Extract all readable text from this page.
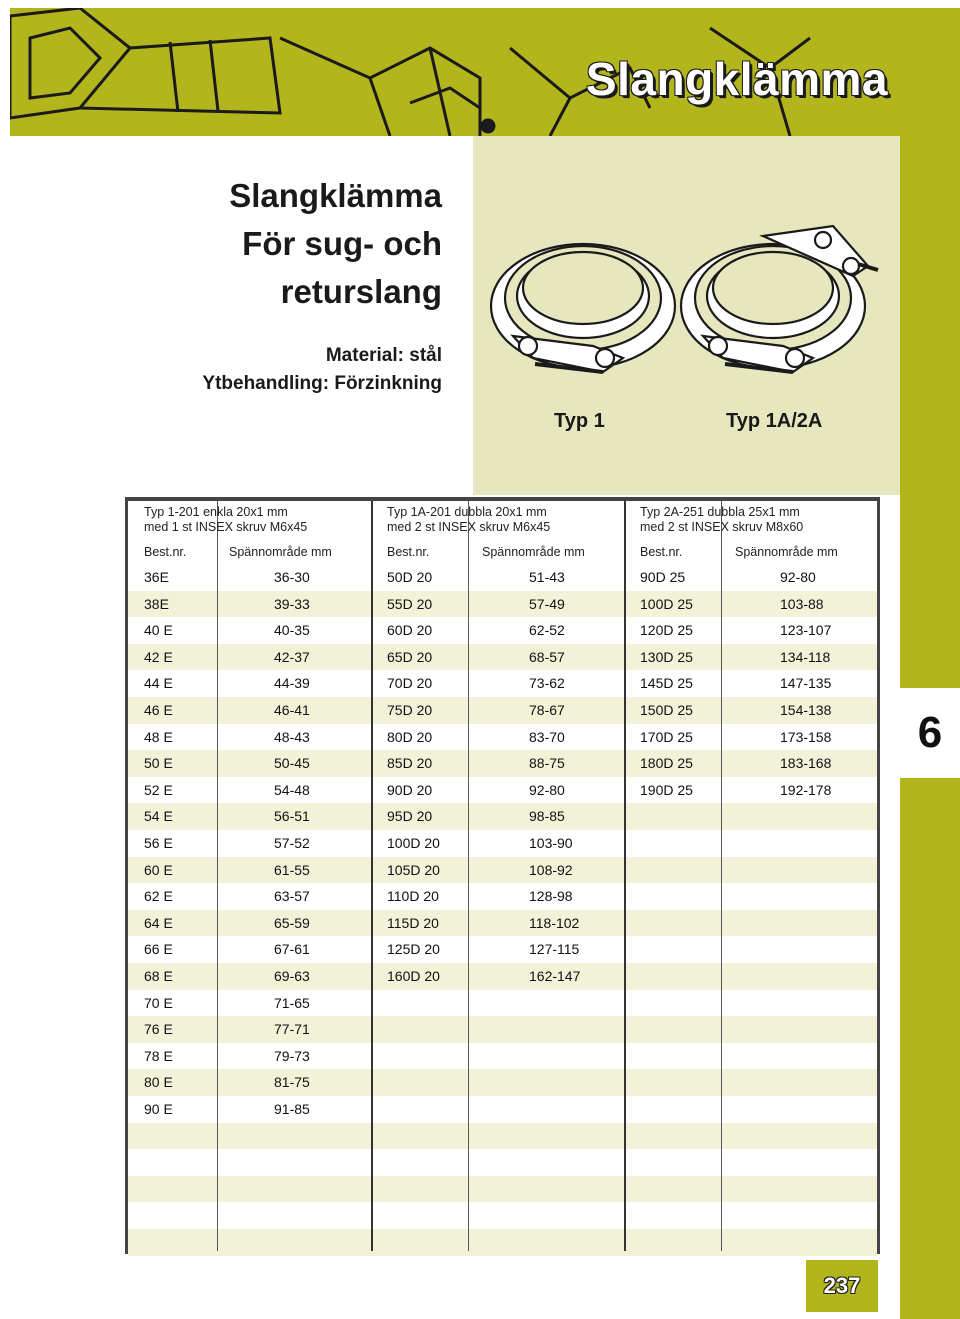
Slangklämma
6
Slangklämma
För sug- och
returslang
Material: stål
Ytbehandling: Förzinkning
Typ 1	Typ 1A/2A
Typ 1-201 enkla 20x1 mm
med 1 st INSEX skruv M6x45
Typ 1A-201 dubbla 20x1 mm
med 2 st INSEX skruv M6x45
Typ 2A-251 dubbla 25x1 mm
med 2 st INSEX skruv M8x60
Best.nr.	Spännområde mm	Best.nr.	Spännområde mm	Best.nr.	Spännområde mm
36E	36-30
38E	39-33
40 E	40-35
42 E	42-37
44 E	44-39
46 E	46-41
48 E	48-43
50 E	50-45
52 E	54-48
54 E	56-51
56 E	57-52
60 E	61-55
62 E	63-57
64 E	65-59
66 E	67-61
68 E	69-63
70 E	71-65
76 E	77-71
78 E	79-73
80 E	81-75
90 E	91-85
50D 20	51-43
55D 20	57-49
60D 20	62-52
65D 20	68-57
70D 20	73-62
75D 20	78-67
80D 20	83-70
85D 20	88-75
90D 20	92-80
95D 20	98-85
100D 20	103-90
105D 20	108-92
110D 20	128-98
115D 20	118-102
125D 20	127-115
160D 20	162-147
90D 25	92-80
100D 25	103-88
120D 25	123-107
130D 25	134-118
145D 25	147-135
150D 25	154-138
170D 25	173-158
180D 25	183-168
190D 25	192-178
237
